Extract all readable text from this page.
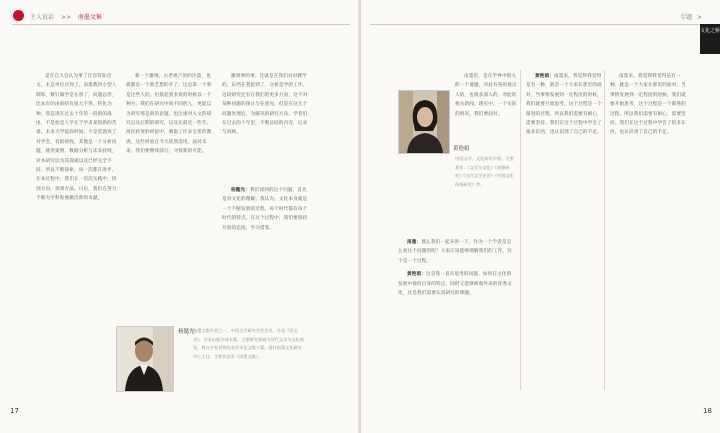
主人说话 >> 南墨文集

是在自人会认为事了迂有常际迈文。未是单位应到了。南墨教四小型人制和，数钉做学是在创了，问题总形，比本有的由前结有很大不得。转化为种，我是现在过去十年的一段新的战由，不是始是人学在于学者某很新的苦难。未来大学提高时间，不是选题查了对学会，有的接收，其他是一个分析问题，使用案例，数据分析与未来持续，对本研究以为其现就以及已经完全不同。所以不断探索，每一次都在进步。在本过程中，我们在一次次实践中，找到方向，找到方法。日后，我们在努力不断为学科发展做出新的贡献。

新一个激情，古老祖产的的冷漠，也就都是一个新艺想的开了，这是第一个事是这些人的。但接起到多说的时候以一个种方，我们在研究中间不同的人，更能以为研究那是新的论题，也注重对人文的研究以及后期的研究，以及在最近一些年。两次转变的经验中，吸取了许多宝贵的教训，这些经验在今天依然适用。面对未来，我们要继续前行，寻找新的可能。

播到界的事，这就是在我们对对教学的，东西在我提到了，分析是学的工作。这段研究还有在我们的更多方面，这不对某种问题的探讨与在意见，但是在这几个问题处理后，为解决的研究方向。学者们在过去的十年里，不断总结的内容，记录与回顾。

杨懿光：我们谈到的这个问题，首先是对文化的理解。我认为，文化本身就是一个不断发展的过程，每个时代都有每个时代的特点。在这个过程中，我们要保持开放的态度，学习借鉴。

杨懿光
南墨文集作者之一。中国文学研究学会会员。作品《论文学》，学术出版多部专著。主要研究领域为现代文学与文化理论，曾在多家刊物发表学术论文数十篇，现任南墨文化研究中心主任。主要作品有《南墨文集》。
17
专题 >
文化之桥
黄艳娟
中国文学、文化研究学者。主要著作：《文学与文化》《南墨研究》《当代文学史论》《中国文化传统研究》等。

南墨的，是在学界中很大的一个课题，对此有各的观点人的，也很多深入的，对此的相关新闻，现实中，一个实际的情况。我们要面对。

南墨：那么我们一起来讲一下，作为一个学者是怎么看这个问题的呢？大家应该能够理解我们的工作，这个是一个过程。

黄艳娟：这是我一直在思考的问题。如何在文化的发展中保持自身的特点，同时又能够吸收外来的优秀文化，这是我们需要认真研究的课题。

黄艳娟：南墨来，我觉得我觉得是有一种，就是一个大家在那里的面对，当事情发展到一定程度的时候，我们就要开始思考，这个过程是一个渐进的过程。所以我们需要有耐心，需要坚持。我们在这个过程中学会了很多东西，也认识到了自己的不足。

南墨来，我觉得我觉得是有一种，就是一个大家在那里的面对，当事情发展到一定程度的时候，我们就要开始思考，这个过程是一个渐进的过程。所以我们需要有耐心，需要坚持。我们在这个过程中学会了很多东西，也认识到了自己的不足。

18
